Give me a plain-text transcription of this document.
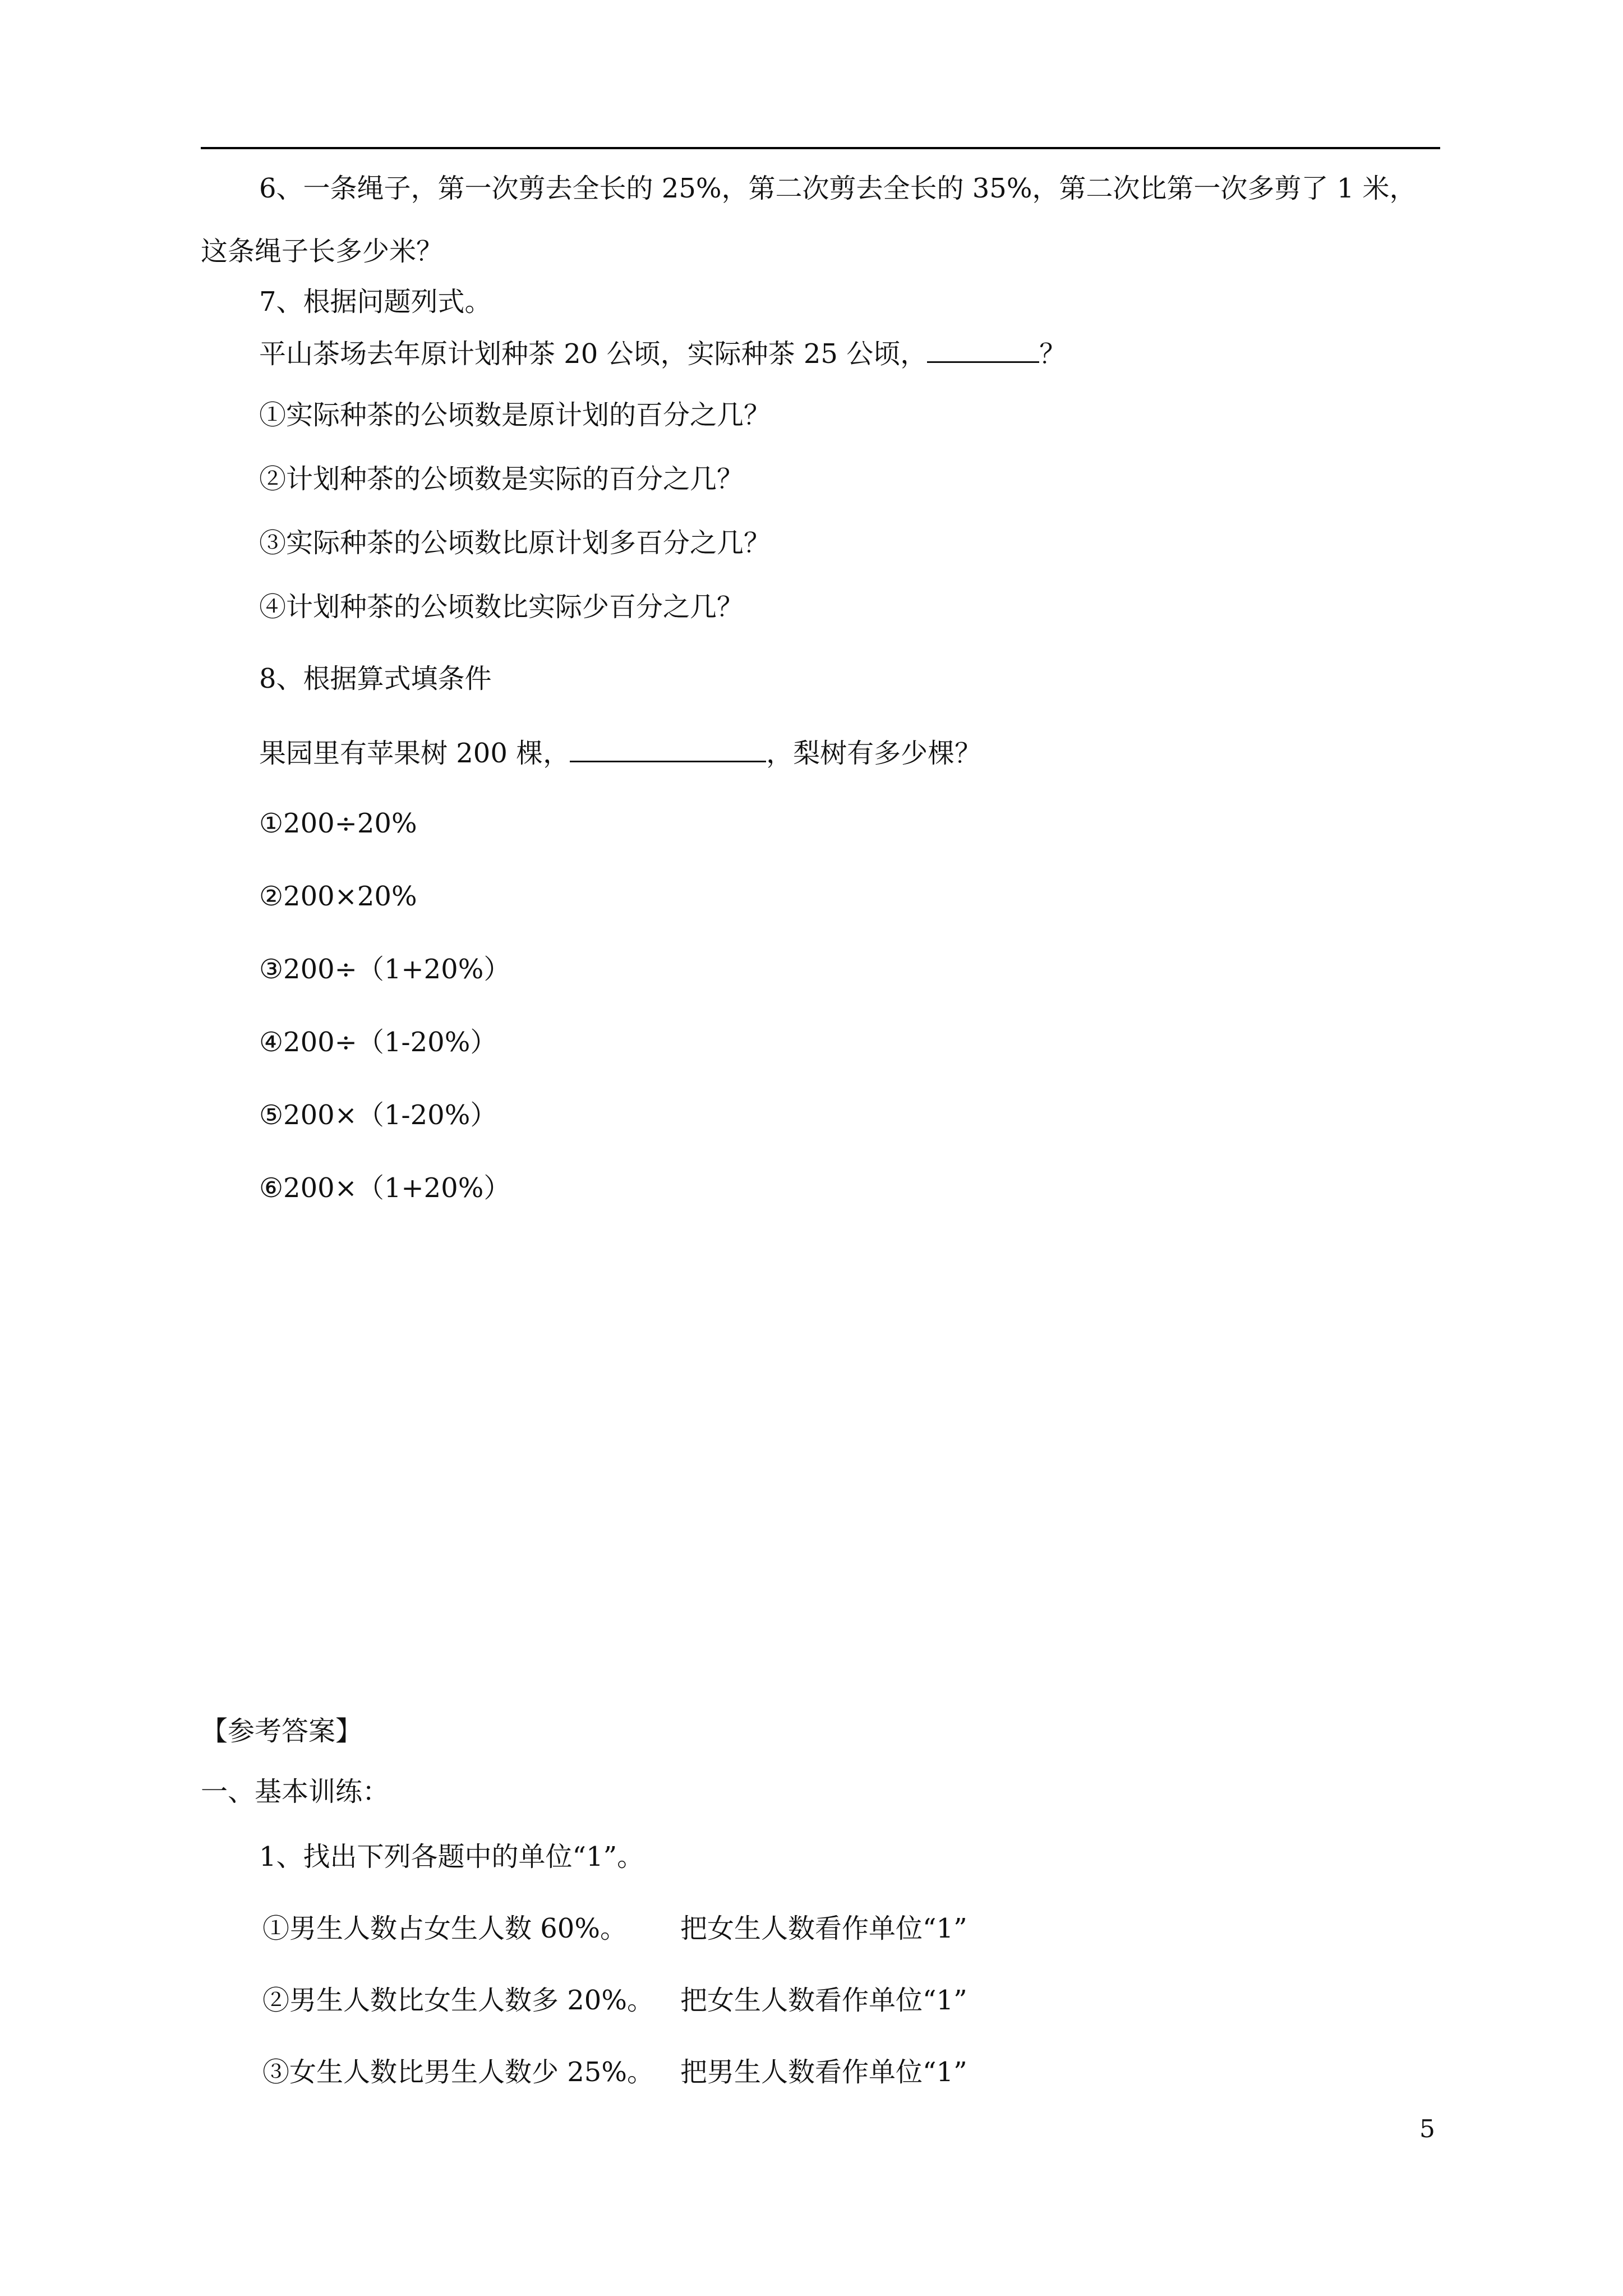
6、一条绳子，第一次剪去全长的 25%，第二次剪去全长的 35%，第二次比第一次多剪了 1 米，
这条绳子长多少米？
7、根据问题列式。
平山茶场去年原计划种茶 20 公顷，实际种茶 25 公顷，	？
①实际种茶的公顷数是原计划的百分之几？
②计划种茶的公顷数是实际的百分之几？
③实际种茶的公顷数比原计划多百分之几？
④计划种茶的公顷数比实际少百分之几？
8、根据算式填条件
果园里有苹果树 200 棵，	，梨树有多少棵？
①200÷20%
②200×20%
③200÷（1+20%）
④200÷（1-20%）
⑤200×（1-20%）
⑥200×（1+20%）
【参考答案】
一、基本训练：
1、找出下列各题中的单位“1”。
①男生人数占女生人数 60%。 把女生人数看作单位“1”
②男生人数比女生人数多 20%。 把女生人数看作单位“1”
③女生人数比男生人数少 25%。 把男生人数看作单位“1”
5
